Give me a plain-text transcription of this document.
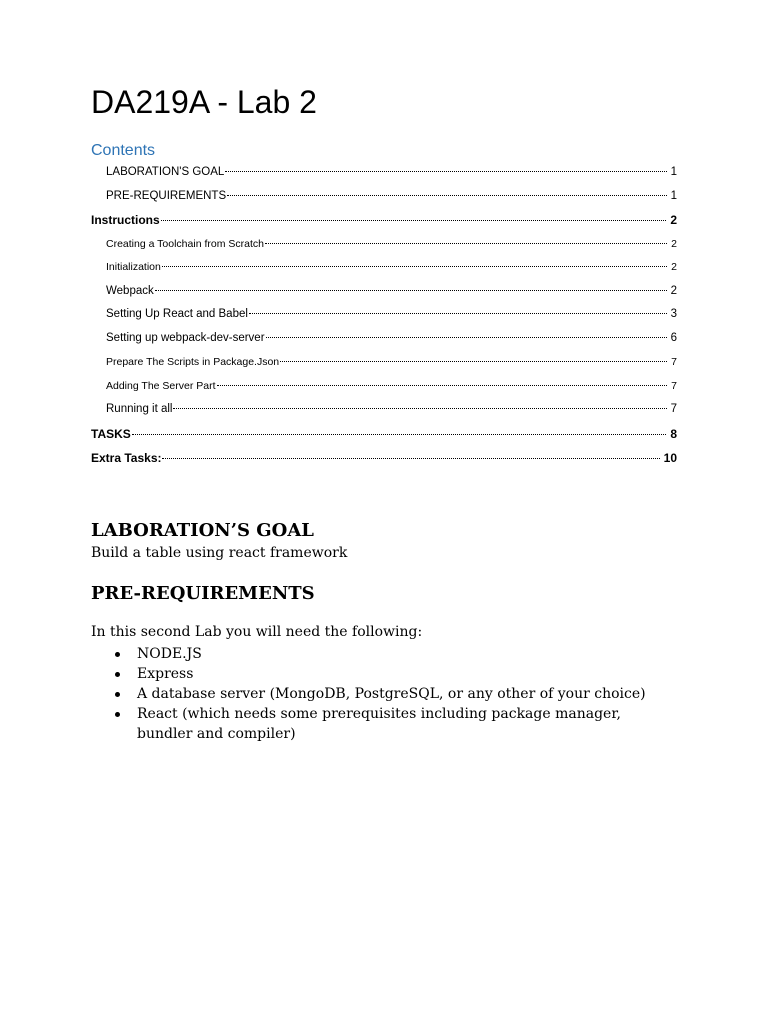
DA219A - Lab 2
Contents
LABORATION'S GOAL	1
PRE-REQUIREMENTS	1
Instructions	2
Creating a Toolchain from Scratch	2
Initialization	2
Webpack	2
Setting Up React and Babel	3
Setting up webpack-dev-server	6
Prepare The Scripts in Package.Json	7
Adding The Server Part	7
Running it all	7
TASKS	8
Extra Tasks:	10
LABORATION’S GOAL
Build a table using react framework
PRE-REQUIREMENTS
In this second Lab you will need the following:
NODE.JS
Express
A database server (MongoDB, PostgreSQL, or any other of your choice)
React (which needs some prerequisites including package manager,
bundler and compiler)
